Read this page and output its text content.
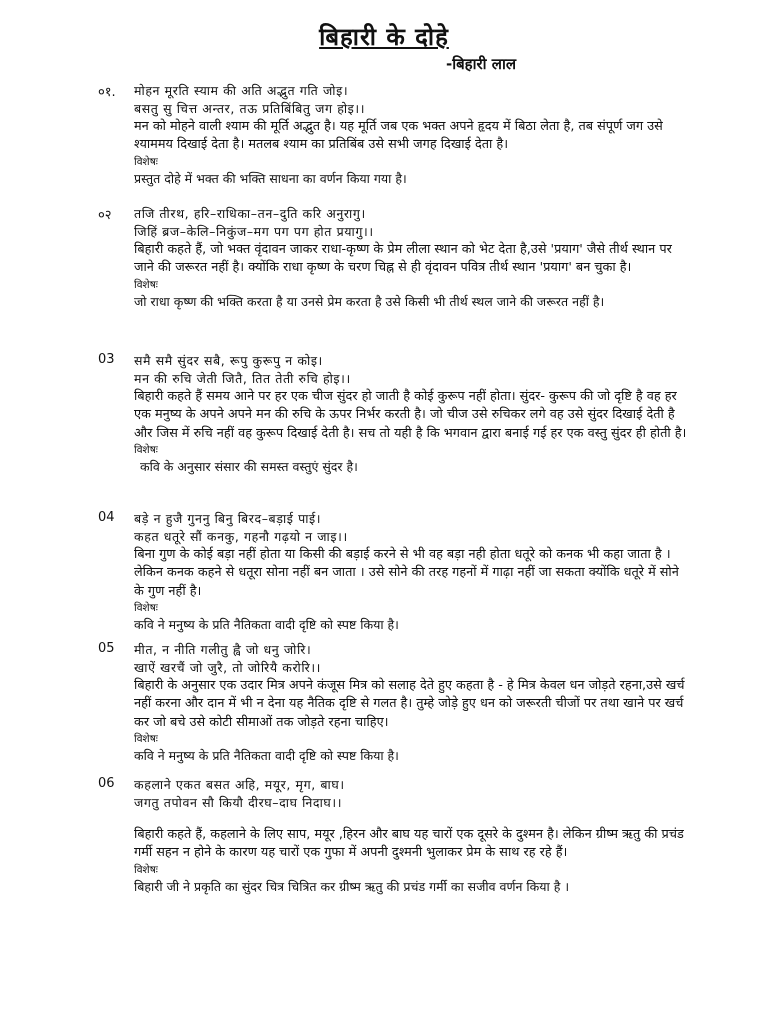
बिहारी के दोहे
-बिहारी लाल
०१. मोहन मूरति स्याम की अति अद्भुत गति जोइ।
बसतु सु चित्त अन्तर, तऊ प्रतिबिंबितु जग होइ।।
मन को मोहने वाली श्याम की मूर्ति अद्भुत है। यह मूर्ति जब एक भक्त अपने हृदय में बिठा लेता है, तब संपूर्ण जग उसे श्याममय दिखाई देता है। मतलब श्याम का प्रतिबिंब उसे सभी जगह दिखाई देता है।
विशेषः
प्रस्तुत दोहे में भक्त की भक्ति साधना का वर्णन किया गया है।
०२ तजि तीरथ, हरि–राधिका–तन–दुति करि अनुरागु।
जिहिं ब्रज–केलि–निकुंज–मग पग पग होत प्रयागु।।
बिहारी कहते हैं, जो भक्त वृंदावन जाकर राधा-कृष्ण के प्रेम लीला स्थान को भेट देता है,उसे 'प्रयाग' जैसे तीर्थ स्थान पर जाने की जरूरत नहीं है। क्योंकि राधा कृष्ण के चरण चिह्न से ही वृंदावन पवित्र तीर्थ स्थान 'प्रयाग' बन चुका है।
विशेषः
जो राधा कृष्ण की भक्ति करता है या उनसे प्रेम करता है उसे किसी भी तीर्थ स्थल जाने की जरूरत नहीं है।
03 समै समै सुंदर सबै, रूपु कुरूपु न कोइ।
मन की रुचि जेती जितै, तित तेती रुचि होइ।।
बिहारी कहते हैं समय आने पर हर एक चीज सुंदर हो जाती है कोई कुरूप नहीं होता। सुंदर- कुरूप की जो दृष्टि है वह हर एक मनुष्य के अपने अपने मन की रुचि के ऊपर निर्भर करती है। जो चीज उसे रुचिकर लगे वह उसे सुंदर दिखाई देती है और जिस में रुचि नहीं वह कुरूप दिखाई देती है। सच तो यही है कि भगवान द्वारा बनाई गई हर एक वस्तु सुंदर ही होती है।
विशेषः
कवि के अनुसार संसार की समस्त वस्तुएं सुंदर है।
04 बड़े न हुजै गुननु बिनु बिरद–बड़ाई पाई।
कहत धतूरे सौं कनकु, गहनौ गढ़यो न जाइ।।
बिना गुण के कोई बड़ा नहीं होता या किसी की बड़ाई करने से भी वह बड़ा नही होता धतूरे को कनक भी कहा जाता है । लेकिन कनक कहने से धतूरा सोना नहीं बन जाता । उसे सोने की तरह गहनों में गाढ़ा नहीं जा सकता क्योंकि धतूरे में सोने के गुण नहीं है।
विशेषः
कवि ने मनुष्य के प्रति नैतिकता वादी दृष्टि को स्पष्ट किया है।
05 मीत, न नीति गलीतु ह्वै जो धनु जोरि।
खाऐं खरचैं जो जुरै, तो जोरियै करोरि।।
बिहारी के अनुसार एक उदार मित्र अपने कंजूस मित्र को सलाह देते हुए कहता है - हे मित्र केवल धन जोड़ते रहना,उसे खर्च नहीं करना और दान में भी न देना यह नैतिक दृष्टि से गलत है। तुम्हे जोड़े हुए धन को जरूरती चीजों पर तथा खाने पर खर्च कर जो बचे उसे कोटी सीमाओं तक जोड़ते रहना चाहिए।
विशेषः
कवि ने मनुष्य के प्रति नैतिकता वादी दृष्टि को स्पष्ट किया है।
06 कहलाने एकत बसत अहि, मयूर, मृग, बाघ।
जगतु तपोवन सौ कियौ दीरघ–दाघ निदाघ।।
बिहारी कहते हैं, कहलाने के लिए साप, मयूर ,हिरन और बाघ यह चारों एक दूसरे के दुश्मन है। लेकिन ग्रीष्म ऋतु की प्रचंड गर्मी सहन न होने के कारण यह चारों एक गुफा में अपनी दुश्मनी भुलाकर प्रेम के साथ रह रहे हैं।
विशेषः
बिहारी जी ने प्रकृति का सुंदर चित्र चित्रित कर ग्रीष्म ऋतु की प्रचंड गर्मी का सजीव वर्णन किया है ।
